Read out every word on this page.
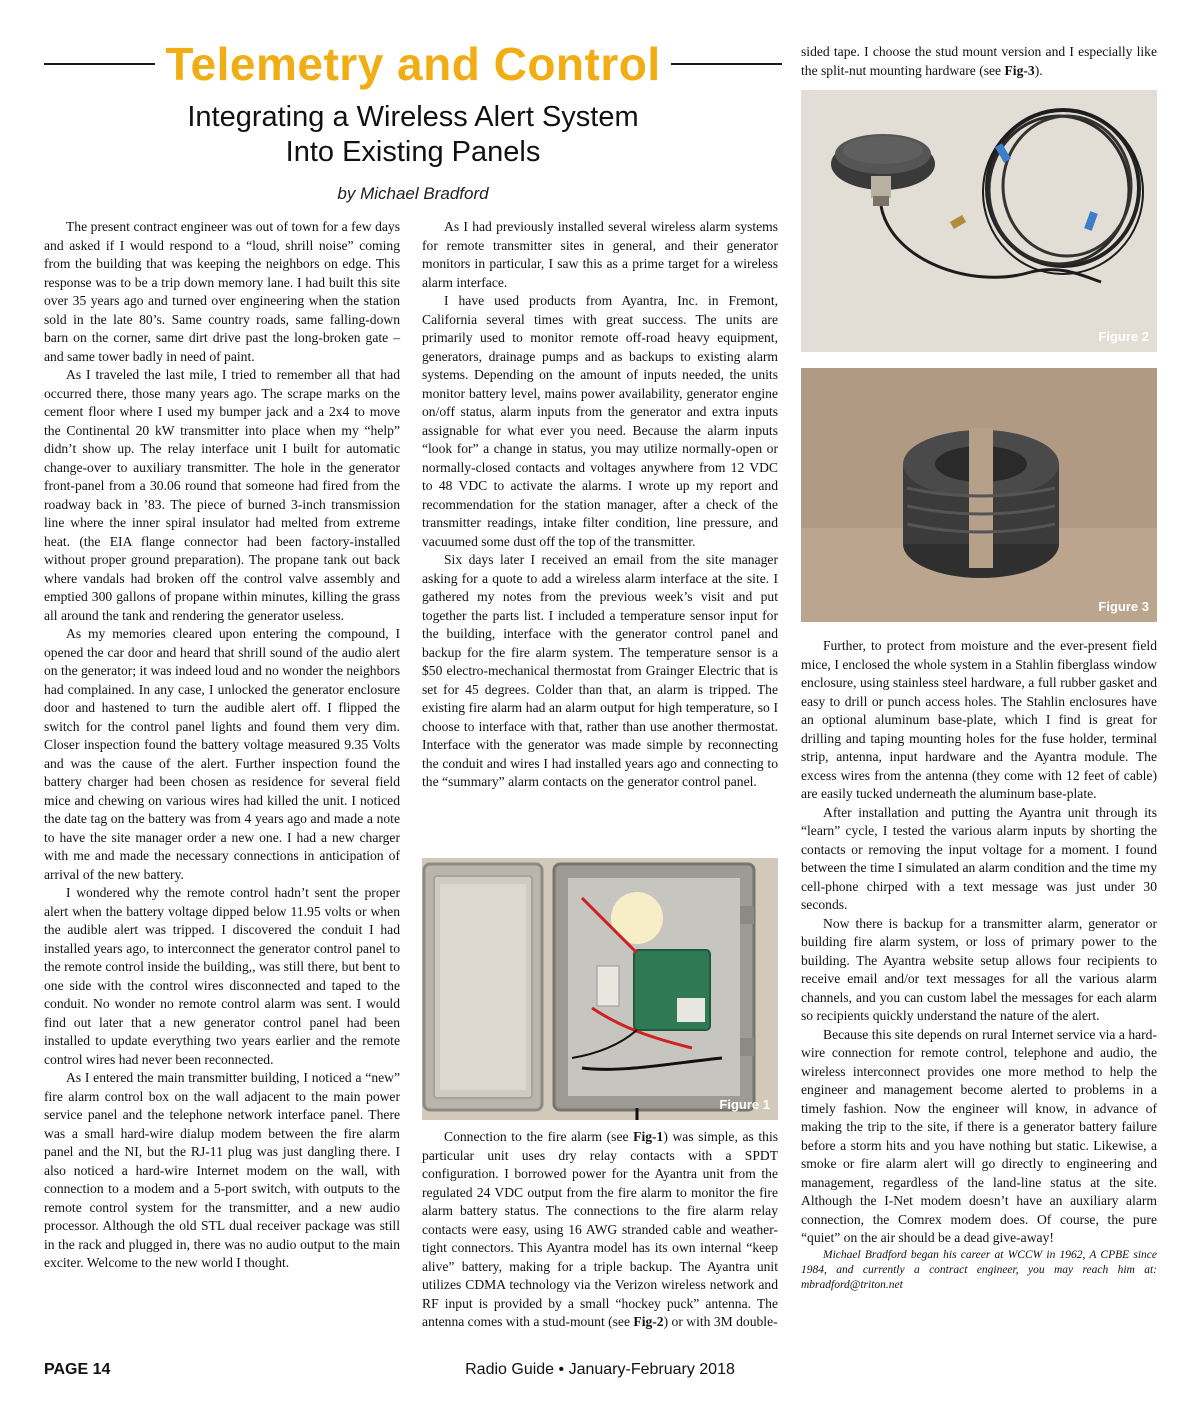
Telemetry and Control
Integrating a Wireless Alert System
Into Existing Panels
by Michael Bradford

The present contract engineer was out of town for a few days and asked if I would respond to a “loud, shrill noise” coming from the building that was keeping the neighbors on edge. This response was to be a trip down memory lane. I had built this site over 35 years ago and turned over engineering when the station sold in the late 80’s. Same country roads, same falling-down barn on the corner, same dirt drive past the long-broken gate – and same tower badly in need of paint.

As I traveled the last mile, I tried to remember all that had occurred there, those many years ago. The scrape marks on the cement floor where I used my bumper jack and a 2x4 to move the Continental 20 kW transmitter into place when my “help” didn’t show up. The relay interface unit I built for automatic change-over to auxiliary transmitter. The hole in the generator front-panel from a 30.06 round that someone had fired from the roadway back in ’83. The piece of burned 3-inch transmission line where the inner spiral insulator had melted from extreme heat. (the EIA flange connector had been factory-installed without proper ground preparation). The propane tank out back where vandals had broken off the control valve assembly and emptied 300 gallons of propane within minutes, killing the grass all around the tank and rendering the generator useless.

As my memories cleared upon entering the compound, I opened the car door and heard that shrill sound of the audio alert on the generator; it was indeed loud and no wonder the neighbors had complained. In any case, I unlocked the generator enclosure door and hastened to turn the audible alert off. I flipped the switch for the control panel lights and found them very dim. Closer inspection found the battery voltage measured 9.35 Volts and was the cause of the alert. Further inspection found the battery charger had been chosen as residence for several field mice and chewing on various wires had killed the unit. I noticed the date tag on the battery was from 4 years ago and made a note to have the site manager order a new one. I had a new charger with me and made the necessary connections in anticipation of arrival of the new battery.

I wondered why the remote control hadn’t sent the proper alert when the battery voltage dipped below 11.95 volts or when the audible alert was tripped. I discovered the conduit I had installed years ago, to interconnect the generator control panel to the remote control inside the building,, was still there, but bent to one side with the control wires disconnected and taped to the conduit. No wonder no remote control alarm was sent. I would find out later that a new generator control panel had been installed to update everything two years earlier and the remote control wires had never been reconnected.

As I entered the main transmitter building, I noticed a “new” fire alarm control box on the wall adjacent to the main power service panel and the telephone network interface panel. There was a small hard-wire dialup modem between the fire alarm panel and the NI, but the RJ-11 plug was just dangling there. I also noticed a hard-wire Internet modem on the wall, with connection to a modem and a 5-port switch, with outputs to the remote control system for the transmitter, and a new audio processor. Although the old STL dual receiver package was still in the rack and plugged in, there was no audio output to the main exciter. Welcome to the new world I thought.

As I had previously installed several wireless alarm systems for remote transmitter sites in general, and their generator monitors in particular, I saw this as a prime target for a wireless alarm interface.

I have used products from Ayantra, Inc. in Fremont, California several times with great success. The units are primarily used to monitor remote off-road heavy equipment, generators, drainage pumps and as backups to existing alarm systems. Depending on the amount of inputs needed, the units monitor battery level, mains power availability, generator engine on/off status, alarm inputs from the generator and extra inputs assignable for what ever you need. Because the alarm inputs “look for” a change in status, you may utilize normally-open or normally-closed contacts and voltages anywhere from 12 VDC to 48 VDC to activate the alarms. I wrote up my report and recommendation for the station manager, after a check of the transmitter readings, intake filter condition, line pressure, and vacuumed some dust off the top of the transmitter.

Six days later I received an email from the site manager asking for a quote to add a wireless alarm interface at the site. I gathered my notes from the previous week’s visit and put together the parts list. I included a temperature sensor input for the building, interface with the generator control panel and backup for the fire alarm system. The temperature sensor is a $50 electro-mechanical thermostat from Grainger Electric that is set for 45 degrees. Colder than that, an alarm is tripped. The existing fire alarm had an alarm output for high temperature, so I choose to interface with that, rather than use another thermostat. Interface with the generator was made simple by reconnecting the conduit and wires I had installed years ago and connecting to the “summary” alarm contacts on the generator control panel.

Figure 1

Connection to the fire alarm (see Fig-1) was simple, as this particular unit uses dry relay contacts with a SPDT configuration. I borrowed power for the Ayantra unit from the regulated 24 VDC output from the fire alarm to monitor the fire alarm battery status. The connections to the fire alarm relay contacts were easy, using 16 AWG stranded cable and weather-tight connectors. This Ayantra model has its own internal “keep alive” battery, making for a triple backup. The Ayantra unit utilizes CDMA technology via the Verizon wireless network and RF input is provided by a small “hockey puck” antenna. The antenna comes with a stud-mount (see Fig-2) or with 3M double-

sided tape. I choose the stud mount version and I especially like the split-nut mounting hardware (see Fig-3).

Figure 2
Figure 3

Further, to protect from moisture and the ever-present field mice, I enclosed the whole system in a Stahlin fiberglass window enclosure, using stainless steel hardware, a full rubber gasket and easy to drill or punch access holes. The Stahlin enclosures have an optional aluminum base-plate, which I find is great for drilling and taping mounting holes for the fuse holder, terminal strip, antenna, input hardware and the Ayantra module. The excess wires from the antenna (they come with 12 feet of cable) are easily tucked underneath the aluminum base-plate.

After installation and putting the Ayantra unit through its “learn” cycle, I tested the various alarm inputs by shorting the contacts or removing the input voltage for a moment. I found between the time I simulated an alarm condition and the time my cell-phone chirped with a text message was just under 30 seconds.

Now there is backup for a transmitter alarm, generator or building fire alarm system, or loss of primary power to the building. The Ayantra website setup allows four recipients to receive email and/or text messages for all the various alarm channels, and you can custom label the messages for each alarm so recipients quickly understand the nature of the alert.

Because this site depends on rural Internet service via a hard-wire connection for remote control, telephone and audio, the wireless interconnect provides one more method to help the engineer and management become alerted to problems in a timely fashion. Now the engineer will know, in advance of making the trip to the site, if there is a generator battery failure before a storm hits and you have nothing but static. Likewise, a smoke or fire alarm alert will go directly to engineering and management, regardless of the land-line status at the site. Although the I-Net modem doesn’t have an auxiliary alarm connection, the Comrex modem does. Of course, the pure “quiet” on the air should be a dead give-away!

Michael Bradford began his career at WCCW in 1962, A CPBE since 1984, and currently a contract engineer, you may reach him at: mbradford@triton.net

PAGE 14	Radio Guide • January-February 2018
